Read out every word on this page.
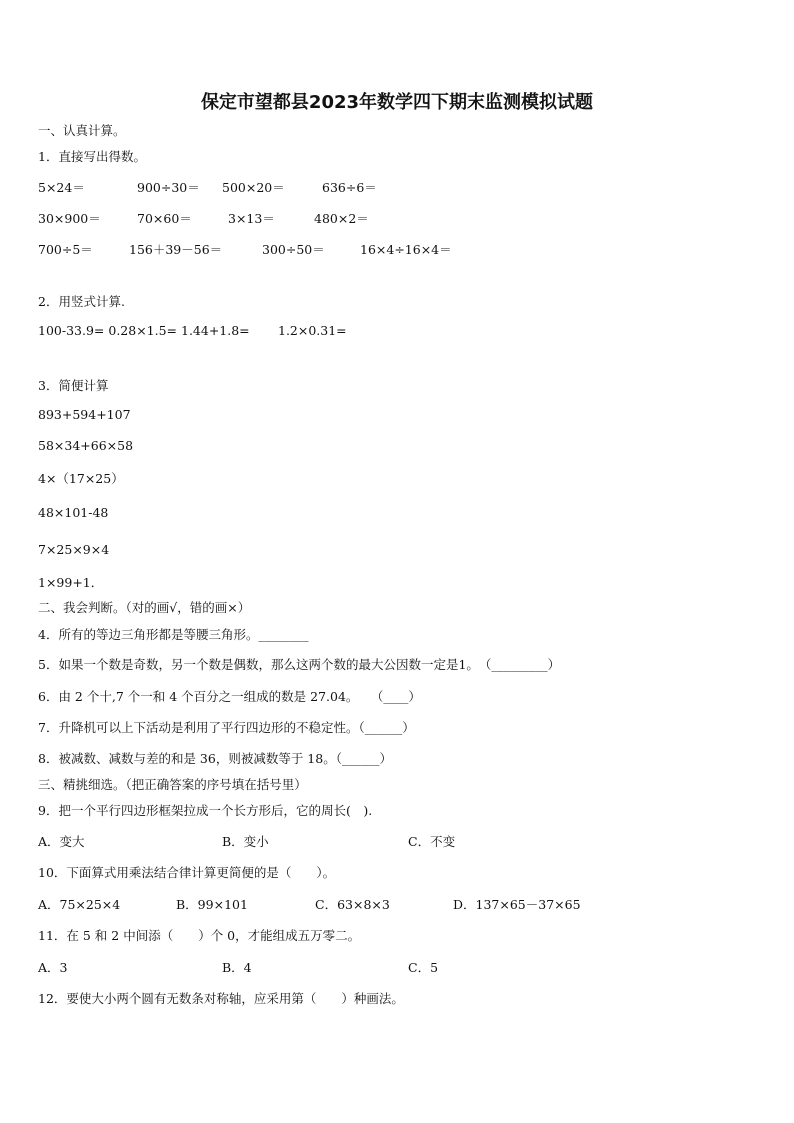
保定市望都县2023年数学四下期末监测模拟试题
一、认真计算。
1．直接写出得数。
5×24＝	900÷30＝ 500×20＝	636÷6＝
30×900＝	70×60＝	3×13＝	480×2＝
700÷5＝	156＋39－56＝	300÷50＝	16×4÷16×4＝
2．用竖式计算.
100-33.9= 0.28×1.5= 1.44+1.8= 1.2×0.31=
3．简便计算
893+594+107
58×34+66×58
4×（17×25）
48×101-48
7×25×9×4
1×99+1．
二、我会判断。（对的画√，错的画×）
4．所有的等边三角形都是等腰三角形。________
5．如果一个数是奇数，另一个数是偶数，那么这两个数的最大公因数一定是1。　（_________）
6．由 2 个十,7 个一和 4 个百分之一组成的数是 27.04。　　（____）
7．升降机可以上下活动是利用了平行四边形的不稳定性。（______）
8．被减数、减数与差的和是 36，则被减数等于 18。（______）
三、精挑细选。（把正确答案的序号填在括号里）
9．把一个平行四边形框架拉成一个长方形后，它的周长(　).
A．变大	B．变小	C．不变
10．下面算式用乘法结合律计算更简便的是（　　）。
A．75×25×4	B．99×101	C．63×8×3	D．137×65－37×65
11．在 5 和 2 中间添（　　）个 0，才能组成五万零二。
A．3	B．4	C．5
12．要使大小两个圆有无数条对称轴，应采用第（　　）种画法。
